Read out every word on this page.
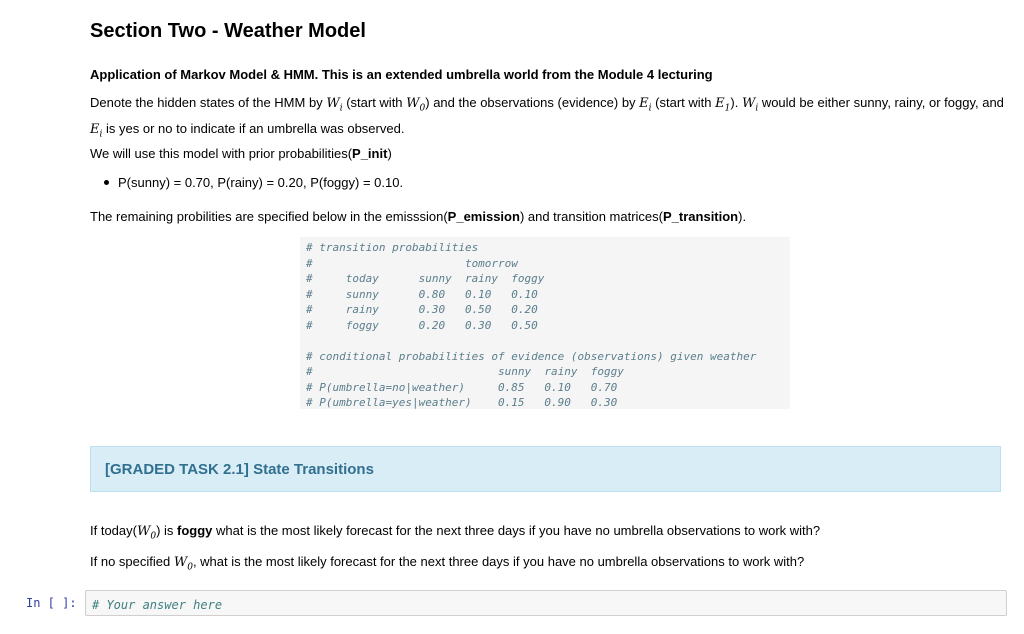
Section Two - Weather Model
Application of Markov Model & HMM. This is an extended umbrella world from the Module 4 lecturing
Denote the hidden states of the HMM by $W_i$ (start with $W_0$) and the observations (evidence) by $E_i$ (start with $E_1$). $W_i$ would be either sunny, rainy, or foggy, and $E_i$ is yes or no to indicate if an umbrella was observed.
We will use this model with prior probabilities(P_init)
P(sunny) = 0.70, P(rainy) = 0.20, P(foggy) = 0.10.
The remaining probilities are specified below in the emisssion(P_emission) and transition matrices(P_transition).
# transition probabilities
#                       tomorrow
#     today      sunny  rainy  foggy
#     sunny      0.80   0.10   0.10
#     rainy      0.30   0.50   0.20
#     foggy      0.20   0.30   0.50
# conditional probabilities of evidence (observations) given weather
#                            sunny  rainy  foggy
# P(umbrella=no|weather)     0.85   0.10   0.70
# P(umbrella=yes|weather)    0.15   0.90   0.30
[GRADED TASK 2.1] State Transitions
If $today(W_0)$ is foggy what is the most likely forecast for the next three days if you have no umbrella observations to work with?
If no specified $W_0$, what is the most likely forecast for the next three days if you have no umbrella observations to work with?
In [ ]:	# Your answer here
